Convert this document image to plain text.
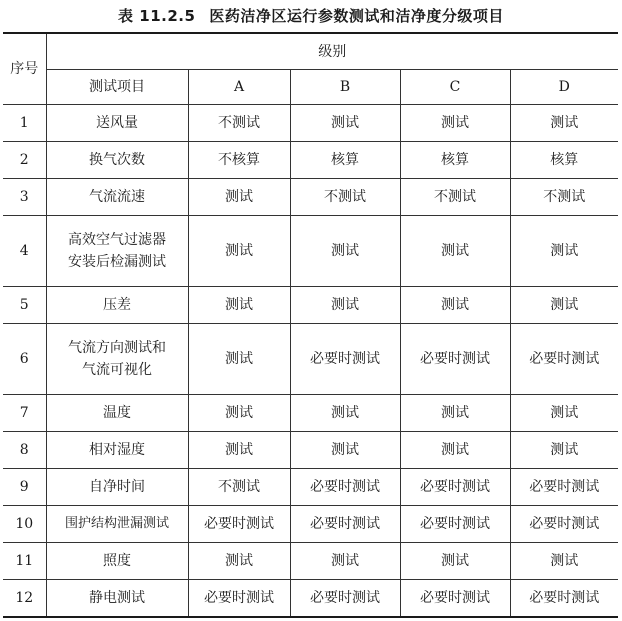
表 11.2.5 医药洁净区运行参数测试和洁净度分级项目
序号	级别				
	测试项目	A	B	C	D
1	送风量	不测试	测试	测试	测试
2	换气次数	不核算	核算	核算	核算
3	气流流速	测试	不测试	不测试	不测试
4	高效空气过滤器
安装后检漏测试	测试	测试	测试	测试
5	压差	测试	测试	测试	测试
6	气流方向测试和
气流可视化	测试	必要时测试	必要时测试	必要时测试
7	温度	测试	测试	测试	测试
8	相对湿度	测试	测试	测试	测试
9	自净时间	不测试	必要时测试	必要时测试	必要时测试
10	围护结构泄漏测试	必要时测试	必要时测试	必要时测试	必要时测试
11	照度	测试	测试	测试	测试
12	静电测试	必要时测试	必要时测试	必要时测试	必要时测试
